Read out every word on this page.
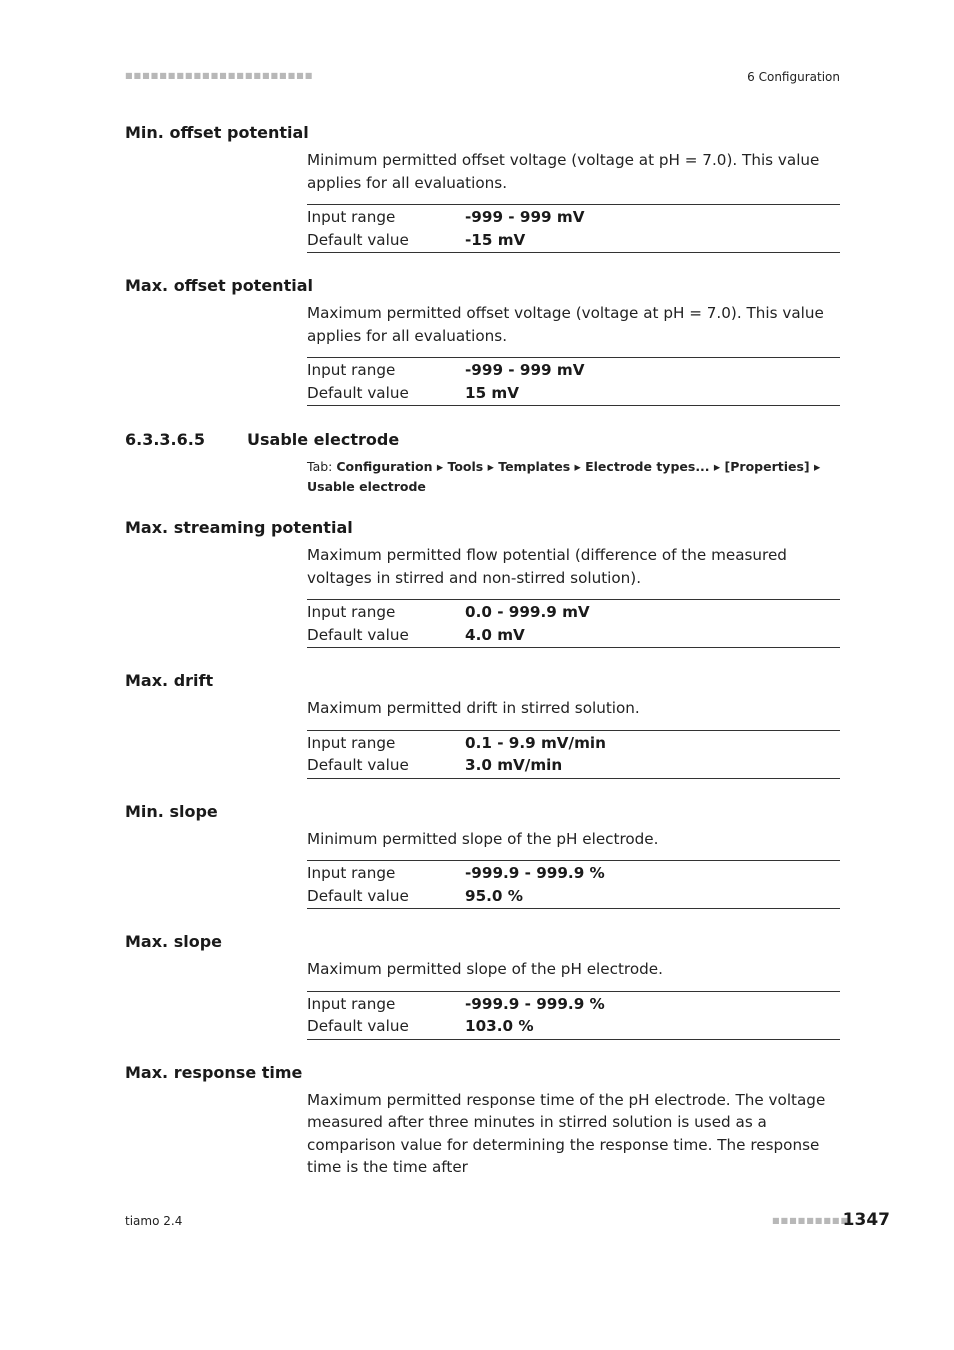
■■■■■■■■■■■■■■■■■■■■■■	6 Configuration
Min. offset potential

Minimum permitted offset voltage (voltage at pH = 7.0). This value applies for all evaluations.

Input range	-999 - 999 mV
Default value	-15 mV
Max. offset potential

Maximum permitted offset voltage (voltage at pH = 7.0). This value applies for all evaluations.

Input range	-999 - 999 mV
Default value	15 mV
6.3.3.6.5	Usable electrode
Tab: Configuration ▸ Tools ▸ Templates ▸ Electrode types... ▸ [Properties] ▸ Usable electrode
Max. streaming potential

Maximum permitted flow potential (difference of the measured voltages in stirred and non-stirred solution).

Input range	0.0 - 999.9 mV
Default value	4.0 mV
Max. drift

Maximum permitted drift in stirred solution.

Input range	0.1 - 9.9 mV/min
Default value	3.0 mV/min
Min. slope

Minimum permitted slope of the pH electrode.

Input range	-999.9 - 999.9 %
Default value	95.0 %
Max. slope

Maximum permitted slope of the pH electrode.

Input range	-999.9 - 999.9 %
Default value	103.0 %
Max. response time

Maximum permitted response time of the pH electrode. The voltage measured after three minutes in stirred solution is used as a comparison value for determining the response time. The response time is the time after

tiamo 2.4	■■■■■■■■■
1347
